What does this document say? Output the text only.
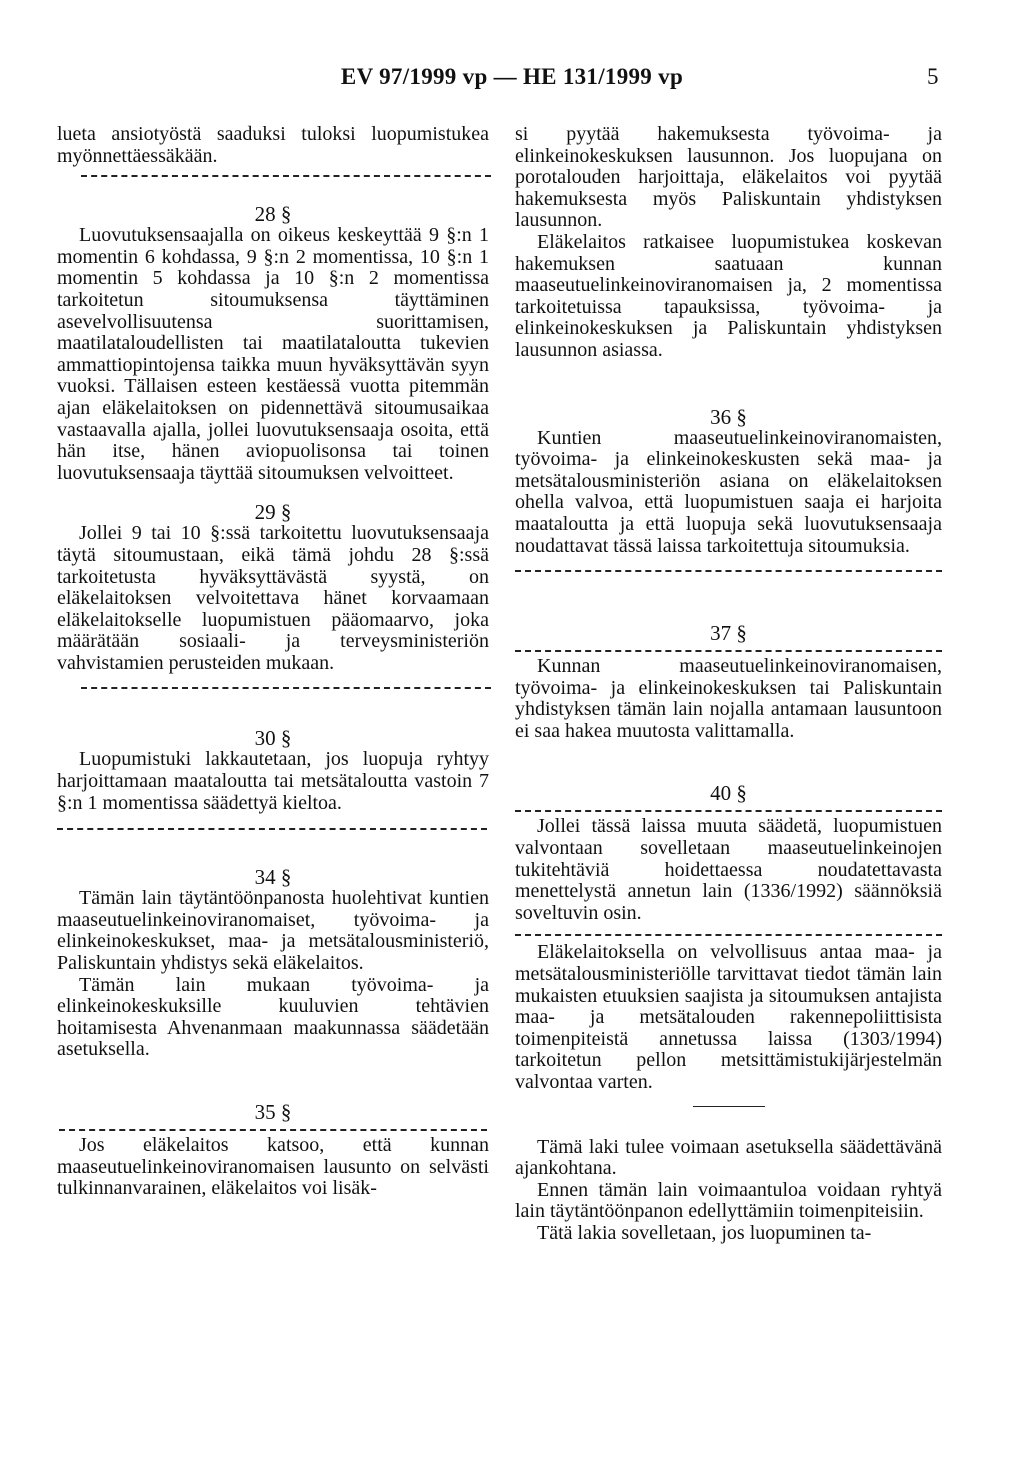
EV 97/1999 vp — HE 131/1999 vp	5

lueta ansiotyöstä saaduksi tuloksi luopumistukea myönnettäessäkään.

28 §

Luovutuksensaajalla on oikeus keskeyttää 9 §:n 1 momentin 6 kohdassa, 9 §:n 2 momentissa, 10 §:n 1 momentin 5 kohdassa ja 10 §:n 2 momentissa tarkoitetun sitoumuksensa täyttäminen asevelvollisuutensa suorittamisen, maatilataloudellisten tai maatilataloutta tukevien ammattiopintojensa taikka muun hyväksyttävän syyn vuoksi. Tällaisen esteen kestäessä vuotta pitemmän ajan eläkelaitoksen on pidennettävä sitoumusaikaa vastaavalla ajalla, jollei luovutuksensaaja osoita, että hän itse, hänen aviopuolisonsa tai toinen luovutuksensaaja täyttää sitoumuksen velvoitteet.

29 §

Jollei 9 tai 10 §:ssä tarkoitettu luovutuksensaaja täytä sitoumustaan, eikä tämä johdu 28 §:ssä tarkoitetusta hyväksyttävästä syystä, on eläkelaitoksen velvoitettava hänet korvaamaan eläkelaitokselle luopumistuen pääomaarvo, joka määrätään sosiaali- ja terveysministeriön vahvistamien perusteiden mukaan.

30 §

Luopumistuki lakkautetaan, jos luopuja ryhtyy harjoittamaan maataloutta tai metsätaloutta vastoin 7 §:n 1 momentissa säädettyä kieltoa.

34 §

Tämän lain täytäntöönpanosta huolehtivat kuntien maaseutuelinkeinoviranomaiset, työvoima- ja elinkeinokeskukset, maa- ja metsätalousministeriö, Paliskuntain yhdistys sekä eläkelaitos.

Tämän lain mukaan työvoima- ja elinkeinokeskuksille kuuluvien tehtävien hoitamisesta Ahvenanmaan maakunnassa säädetään asetuksella.

35 §

Jos eläkelaitos katsoo, että kunnan maaseutuelinkeinoviranomaisen lausunto on selvästi tulkinnanvarainen, eläkelaitos voi lisäk-

si pyytää hakemuksesta työvoima- ja elinkeinokeskuksen lausunnon. Jos luopujana on porotalouden harjoittaja, eläkelaitos voi pyytää hakemuksesta myös Paliskuntain yhdistyksen lausunnon.

Eläkelaitos ratkaisee luopumistukea koskevan hakemuksen saatuaan kunnan maaseutuelinkeinoviranomaisen ja, 2 momentissa tarkoitetuissa tapauksissa, työvoima- ja elinkeinokeskuksen ja Paliskuntain yhdistyksen lausunnon asiassa.

36 §

Kuntien maaseutuelinkeinoviranomaisten, työvoima- ja elinkeinokeskusten sekä maa- ja metsätalousministeriön asiana on eläkelaitoksen ohella valvoa, että luopumistuen saaja ei harjoita maataloutta ja että luopuja sekä luovutuksensaaja noudattavat tässä laissa tarkoitettuja sitoumuksia.

37 §

Kunnan maaseutuelinkeinoviranomaisen, työvoima- ja elinkeinokeskuksen tai Paliskuntain yhdistyksen tämän lain nojalla antamaan lausuntoon ei saa hakea muutosta valittamalla.

40 §

Jollei tässä laissa muuta säädetä, luopumistuen valvontaan sovelletaan maaseutuelinkeinojen tukitehtäviä hoidettaessa noudatettavasta menettelystä annetun lain (1336/1992) säännöksiä soveltuvin osin.

Eläkelaitoksella on velvollisuus antaa maa- ja metsätalousministeriölle tarvittavat tiedot tämän lain mukaisten etuuksien saajista ja sitoumuksen antajista maa- ja metsätalouden rakennepoliittisista toimenpiteistä annetussa laissa (1303/1994) tarkoitetun pellon metsittämistukijärjestelmän valvontaa varten.

Tämä laki tulee voimaan asetuksella säädettävänä ajankohtana.

Ennen tämän lain voimaantuloa voidaan ryhtyä lain täytäntöönpanon edellyttämiin toimenpiteisiin.

Tätä lakia sovelletaan, jos luopuminen ta-
